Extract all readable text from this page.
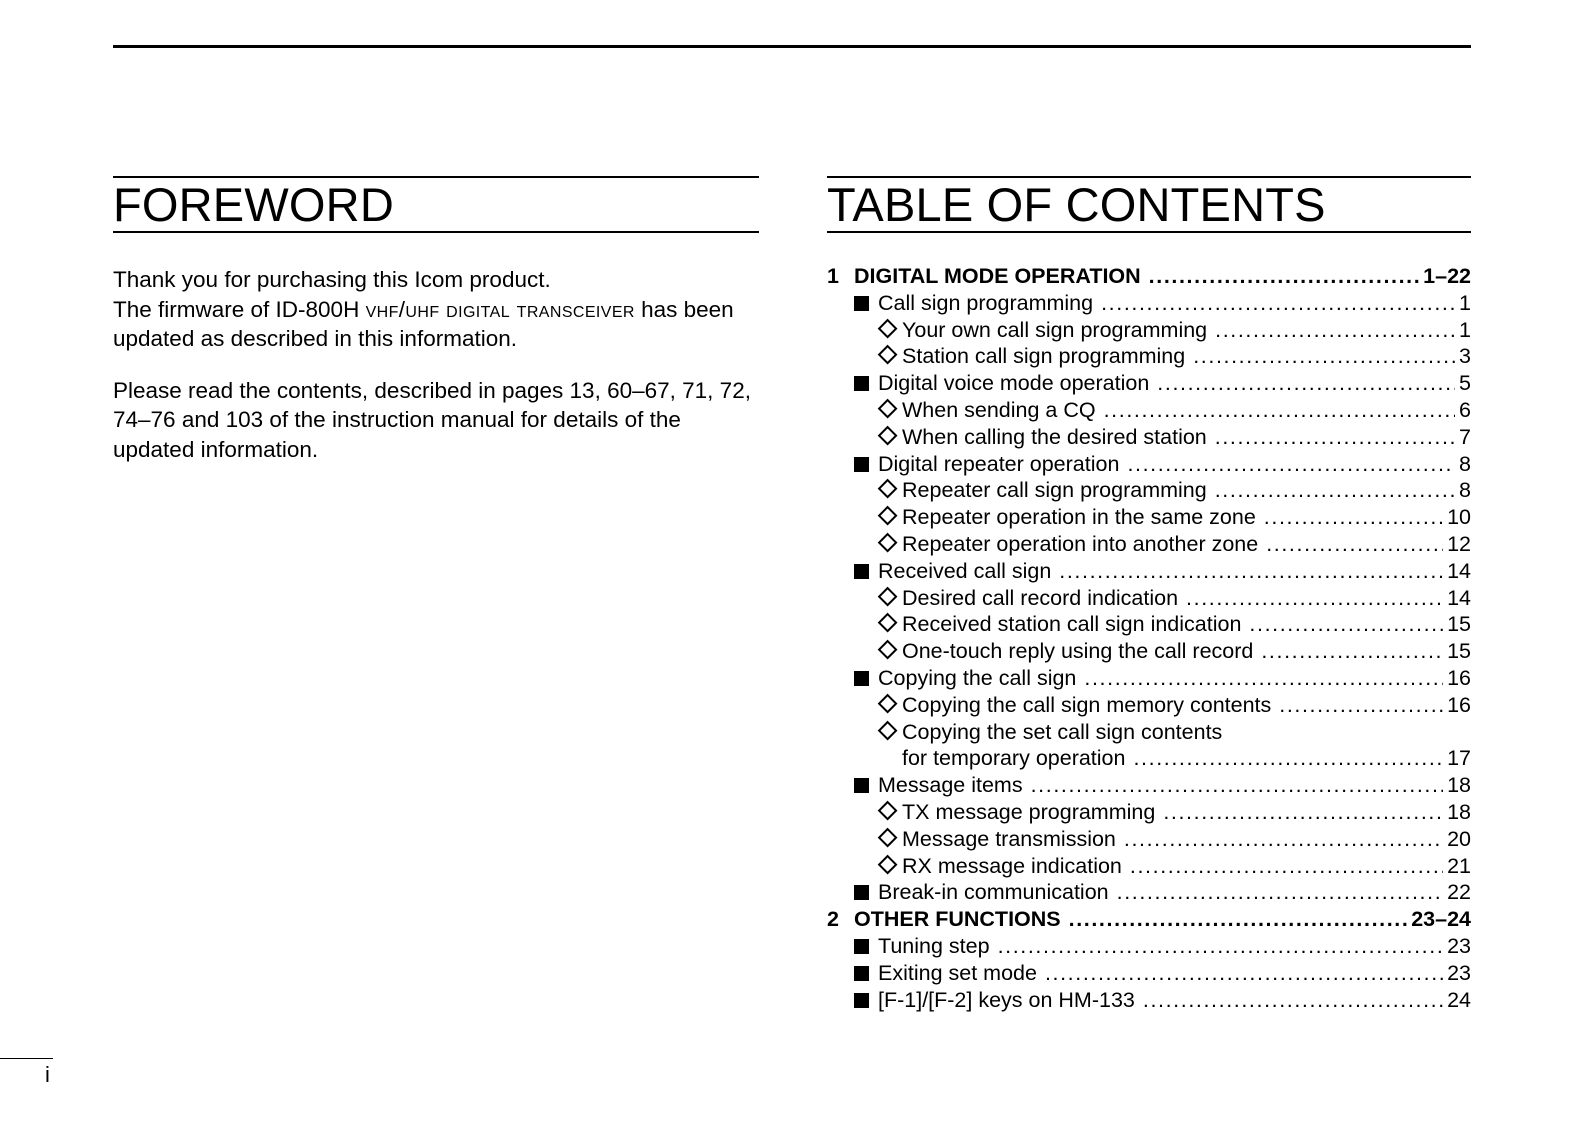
FOREWORD

Thank you for purchasing this Icom product.
The firmware of ID-800H vhf/uhf digital transceiver has been updated as described in this information.

Please read the contents, described in pages 13, 60–67, 71, 72, 74–76 and 103 of the instruction manual for details of the updated information.

TABLE OF CONTENTS
1 DIGITAL MODE OPERATION .....	1–22
Call sign programming .....	1
Your own call sign programming .....	1
Station call sign programming .....	3
Digital voice mode operation .....	5
When sending a CQ .....	6
When calling the desired station .....	7
Digital repeater operation .....	8
Repeater call sign programming .....	8
Repeater operation in the same zone .....	10
Repeater operation into another zone .....	12
Received call sign .....	14
Desired call record indication .....	14
Received station call sign indication .....	15
One-touch reply using the call record .....	15
Copying the call sign .....	16
Copying the call sign memory contents .....	16
Copying the set call sign contents
for temporary operation .....	17
Message items .....	18
TX message programming .....	18
Message transmission .....	20
RX message indication .....	21
Break-in communication .....	22
2 OTHER FUNCTIONS .....	23–24
Tuning step .....	23
Exiting set mode .....	23
[F-1]/[F-2] keys on HM-133 .....	24
i
